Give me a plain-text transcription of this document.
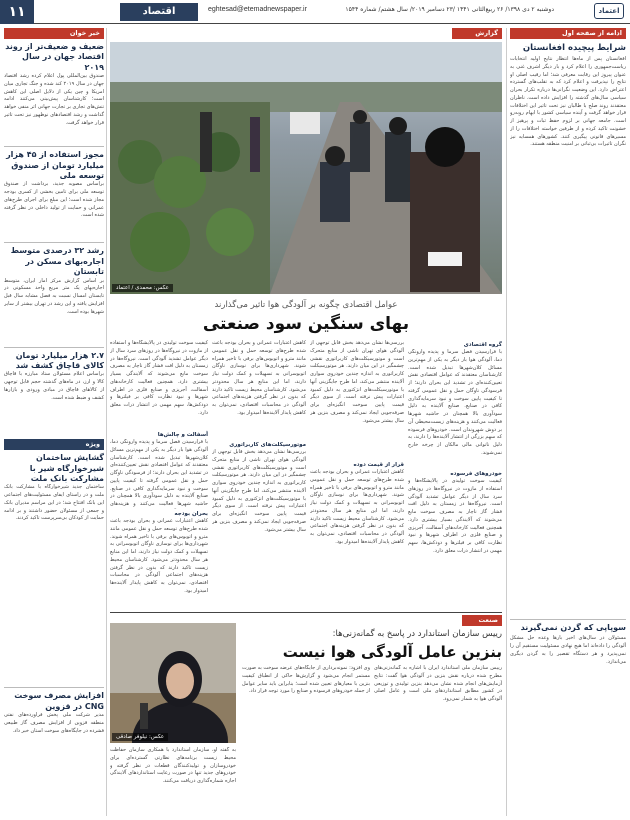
۱۱	اقتصاد	eghtesad@etemadnewspaper.ir	دوشنبه ۲ دی ۱۳۹۸/ ۲۶ ربیع‌الثانی ۱۴۴۱ /۲۳ دسامبر ۲۰۱۹/ سال هشتم/ شماره ۱۵۴۴	اعتماد
خبر خوان
ضعیف و ضعیف‌تر از روند اقتصاد جهان در سال ۲۰۱۹
صندوق بین‌المللی پول اعلام کرده رشد اقتصاد جهان در سال ۲۰۱۹ کند شده و جنگ تجاری میان امریکا و چین یکی از دلایل اصلی این کاهش است؛ کارشناسان پیش‌بینی می‌کنند ادامه تنش‌های تجاری بر تجارت جهانی اثر منفی خواهد گذاشت و رشد اقتصادهای نوظهور نیز تحت تاثیر قرار خواهد گرفت.
مجوز استفاده از ۴۵ هزار میلیارد تومان از صندوق توسعه ملی
براساس مصوبه جدید، برداشت از صندوق توسعه ملی برای تامین بخشی از کسری بودجه مجاز شده است؛ این مبلغ برای اجرای طرح‌های عمرانی و حمایت از تولید داخلی در نظر گرفته شده است.
رشد ۳۲ درصدی متوسط اجاره‌بهای مسکن در تابستان
بر اساس گزارش مرکز آمار ایران، متوسط اجاره‌بهای یک متر مربع واحد مسکونی در تابستان امسال نسبت به فصل مشابه سال قبل افزایش یافته و این رشد در تهران بیشتر از سایر شهرها بوده است.
۲.۷ هزار میلیارد تومان کالای قاچاق کشف شد
براساس اعلام مسئولان ستاد مبارزه با قاچاق کالا و ارز، در ماه‌های گذشته حجم قابل توجهی از کالاهای قاچاق در مبادی ورودی و بازارها کشف و ضبط شده است.
ویژه
گشایش ساختمان شیرخوارگاه شیر با مشارکت بانک ملت
ساختمان جدید شیرخوارگاه با مشارکت بانک ملت و در راستای ایفای مسئولیت‌های اجتماعی این بانک افتتاح شد؛ در این مراسم مدیران بانک و جمعی از مسئولان حضور داشتند و بر ادامه حمایت از کودکان بی‌سرپرست تاکید کردند.
افزایش مصرف سوخت CNG در قزوین
مدیر شرکت ملی پخش فرآورده‌های نفتی منطقه قزوین از افزایش مصرف گاز طبیعی فشرده در جایگاه‌های سوخت استان خبر داد.
گزارش
عکس: محمدی / اعتماد
عوامل اقتصادی چگونه بر آلودگی هوا تاثیر می‌گذارند
بهای سنگین سود صنعتی
گروه اقتصادی
با فرارسیدن فصل سرما و پدیده وارونگی دما، آلودگی هوا بار دیگر به یکی از مهم‌ترین مسائل کلان‌شهرها تبدیل شده است. کارشناسان معتقدند که عوامل اقتصادی نقش تعیین‌کننده‌ای در تشدید این بحران دارند؛ از فرسودگی ناوگان حمل و نقل عمومی گرفته تا کیفیت پایین سوخت و نبود سرمایه‌گذاری کافی در صنایع. صنایع آلاینده به دلیل سودآوری بالا همچنان در حاشیه شهرها فعالیت می‌کنند و هزینه‌های زیست‌محیطی آن بر دوش شهروندان است. خودروهای فرسوده که سهم بزرگی از انتشار آلاینده‌ها را دارند، به دلیل ناتوانی مالی مالکان از چرخه خارج نمی‌شوند.
خودروهای فرسوده
کیفیت سوخت تولیدی در پالایشگاه‌ها و استفاده از مازوت در نیروگاه‌ها در روزهای سرد سال از دیگر عوامل تشدید آلودگی است. نیروگاه‌ها در زمستان به دلیل افت فشار گاز ناچار به مصرف سوخت مایع می‌شوند که آلایندگی بسیار بیشتری دارد. همچنین فعالیت کارخانه‌های آسفالت، آجرپزی و صنایع فلزی در اطراف شهرها و نبود نظارت کافی بر فیلترها و دودکش‌ها، سهم مهمی در انتشار ذرات معلق دارد.
بررسی‌ها نشان می‌دهد بخش قابل توجهی از آلودگی هوای تهران ناشی از منابع متحرک است و موتورسیکلت‌های کاربراتوری نقشی چشمگیر در این میان دارند. هر موتورسیکلت کاربراتوری به اندازه چندین خودروی سواری آلاینده منتشر می‌کند، اما طرح جایگزینی آنها با موتورسیکلت‌های انژکتوری به دلیل کمبود اعتبارات پیش نرفته است. از سوی دیگر قیمت پایین سوخت انگیزه‌ای برای صرفه‌جویی ایجاد نمی‌کند و مصرف بنزین هر سال بیشتر می‌شود.
قرار از قیمت دوده
کاهش اعتبارات عمرانی و بحران بودجه باعث شده طرح‌های توسعه حمل و نقل عمومی مانند مترو و اتوبوس‌های برقی با تاخیر همراه شوند. شهرداری‌ها برای نوسازی ناوگان اتوبوسرانی به تسهیلات و کمک دولت نیاز دارند، اما این منابع هر سال محدودتر می‌شود. کارشناسان محیط زیست تاکید دارند که بدون در نظر گرفتن هزینه‌های اجتماعی آلودگی در محاسبات اقتصادی، نمی‌توان به کاهش پایدار آلاینده‌ها امیدوار بود.
کاهش اعتبارات عمرانی و بحران بودجه باعث شده طرح‌های توسعه حمل و نقل عمومی مانند مترو و اتوبوس‌های برقی با تاخیر همراه شوند. شهرداری‌ها برای نوسازی ناوگان اتوبوسرانی به تسهیلات و کمک دولت نیاز دارند، اما این منابع هر سال محدودتر می‌شود. کارشناسان محیط زیست تاکید دارند که بدون در نظر گرفتن هزینه‌های اجتماعی آلودگی در محاسبات اقتصادی، نمی‌توان به کاهش پایدار آلاینده‌ها امیدوار بود.
موتورسیکلت‌های کاربراتوری
بررسی‌ها نشان می‌دهد بخش قابل توجهی از آلودگی هوای تهران ناشی از منابع متحرک است و موتورسیکلت‌های کاربراتوری نقشی چشمگیر در این میان دارند. هر موتورسیکلت کاربراتوری به اندازه چندین خودروی سواری آلاینده منتشر می‌کند، اما طرح جایگزینی آنها با موتورسیکلت‌های انژکتوری به دلیل کمبود اعتبارات پیش نرفته است. از سوی دیگر قیمت پایین سوخت انگیزه‌ای برای صرفه‌جویی ایجاد نمی‌کند و مصرف بنزین هر سال بیشتر می‌شود.
کیفیت سوخت تولیدی در پالایشگاه‌ها و استفاده از مازوت در نیروگاه‌ها در روزهای سرد سال از دیگر عوامل تشدید آلودگی است. نیروگاه‌ها در زمستان به دلیل افت فشار گاز ناچار به مصرف سوخت مایع می‌شوند که آلایندگی بسیار بیشتری دارد. همچنین فعالیت کارخانه‌های آسفالت، آجرپزی و صنایع فلزی در اطراف شهرها و نبود نظارت کافی بر فیلترها و دودکش‌ها، سهم مهمی در انتشار ذرات معلق دارد.
آسفالت و چالش‌ها
با فرارسیدن فصل سرما و پدیده وارونگی دما، آلودگی هوا بار دیگر به یکی از مهم‌ترین مسائل کلان‌شهرها تبدیل شده است. کارشناسان معتقدند که عوامل اقتصادی نقش تعیین‌کننده‌ای در تشدید این بحران دارند؛ از فرسودگی ناوگان حمل و نقل عمومی گرفته تا کیفیت پایین سوخت و نبود سرمایه‌گذاری کافی در صنایع. صنایع آلاینده به دلیل سودآوری بالا همچنان در حاشیه شهرها فعالیت می‌کنند و هزینه‌های
بحران بودجه
کاهش اعتبارات عمرانی و بحران بودجه باعث شده طرح‌های توسعه حمل و نقل عمومی مانند مترو و اتوبوس‌های برقی با تاخیر همراه شوند. شهرداری‌ها برای نوسازی ناوگان اتوبوسرانی به تسهیلات و کمک دولت نیاز دارند، اما این منابع هر سال محدودتر می‌شود. کارشناسان محیط زیست تاکید دارند که بدون در نظر گرفتن هزینه‌های اجتماعی آلودگی در محاسبات اقتصادی، نمی‌توان به کاهش پایدار آلاینده‌ها امیدوار بود.
ادامه از صفحه اول
شرایط پیچیده افغانستان
افغانستان پس از ماه‌ها انتظار نتایج اولیه انتخابات ریاست‌جمهوری را اعلام کرد و بار دیگر اشرف غنی به عنوان پیروز این رقابت معرفی شد؛ اما رقیب اصلی او نتایج را نپذیرفت و اعلام کرد که به تقلب‌های گسترده اعتراض دارد. این وضعیت نگرانی‌ها درباره تکرار بحران سیاسی سال‌های گذشته را افزایش داده است. ناظران معتقدند روند صلح با طالبان نیز تحت تاثیر این اختلافات قرار خواهد گرفت و آینده سیاسی کشور با ابهام روبه‌رو است. جامعه جهانی بر لزوم حفظ ثبات و پرهیز از خشونت تاکید کرده و از طرفین خواسته اختلافات را از مسیرهای قانونی پیگیری کنند. کشورهای همسایه نیز نگران تاثیرات بی‌ثباتی بر امنیت منطقه هستند.
سوپاپی که گردن نمی‌گیرند
مسئولان در سال‌های اخیر بارها وعده حل مشکل آلودگی را داده‌اند اما هیچ نهادی مسئولیت مستقیم آن را نمی‌پذیرد و هر دستگاه تقصیر را به گردن دیگری می‌اندازد.
صنعت
رییس سازمان استاندارد در پاسخ به گمانه‌زنی‌ها:
بنزین عامل آلودگی هوا نیست
عکس: نیلوفر صادقی
به گفته او، سازمان استاندارد با همکاری سازمان حفاظت محیط زیست برنامه‌های نظارتی گسترده‌ای برای خودروسازان و تولیدکنندگان قطعات در نظر گرفته و خودروهای جدید تنها در صورت رعایت استانداردهای آلایندگی اجازه شماره‌گذاری دریافت می‌کنند.
رییس سازمان ملی استاندارد ایران با اشاره به گمانه‌زنی‌های مطرح شده درباره نقش بنزین در آلودگی هوا گفت: نتایج آزمایش‌های انجام شده نشان می‌دهد بنزین تولیدی و توزیعی در کشور مطابق استانداردهای ملی است و عامل اصلی آلودگی هوا به شمار نمی‌رود.
وی افزود: نمونه‌برداری از جایگاه‌های عرضه سوخت به صورت مستمر انجام می‌شود و گزارش‌ها حاکی از انطباق کیفیت بنزین با معیارهای تعیین شده است؛ بنابراین باید سایر عوامل از جمله خودروهای فرسوده و صنایع را مورد توجه قرار داد.
